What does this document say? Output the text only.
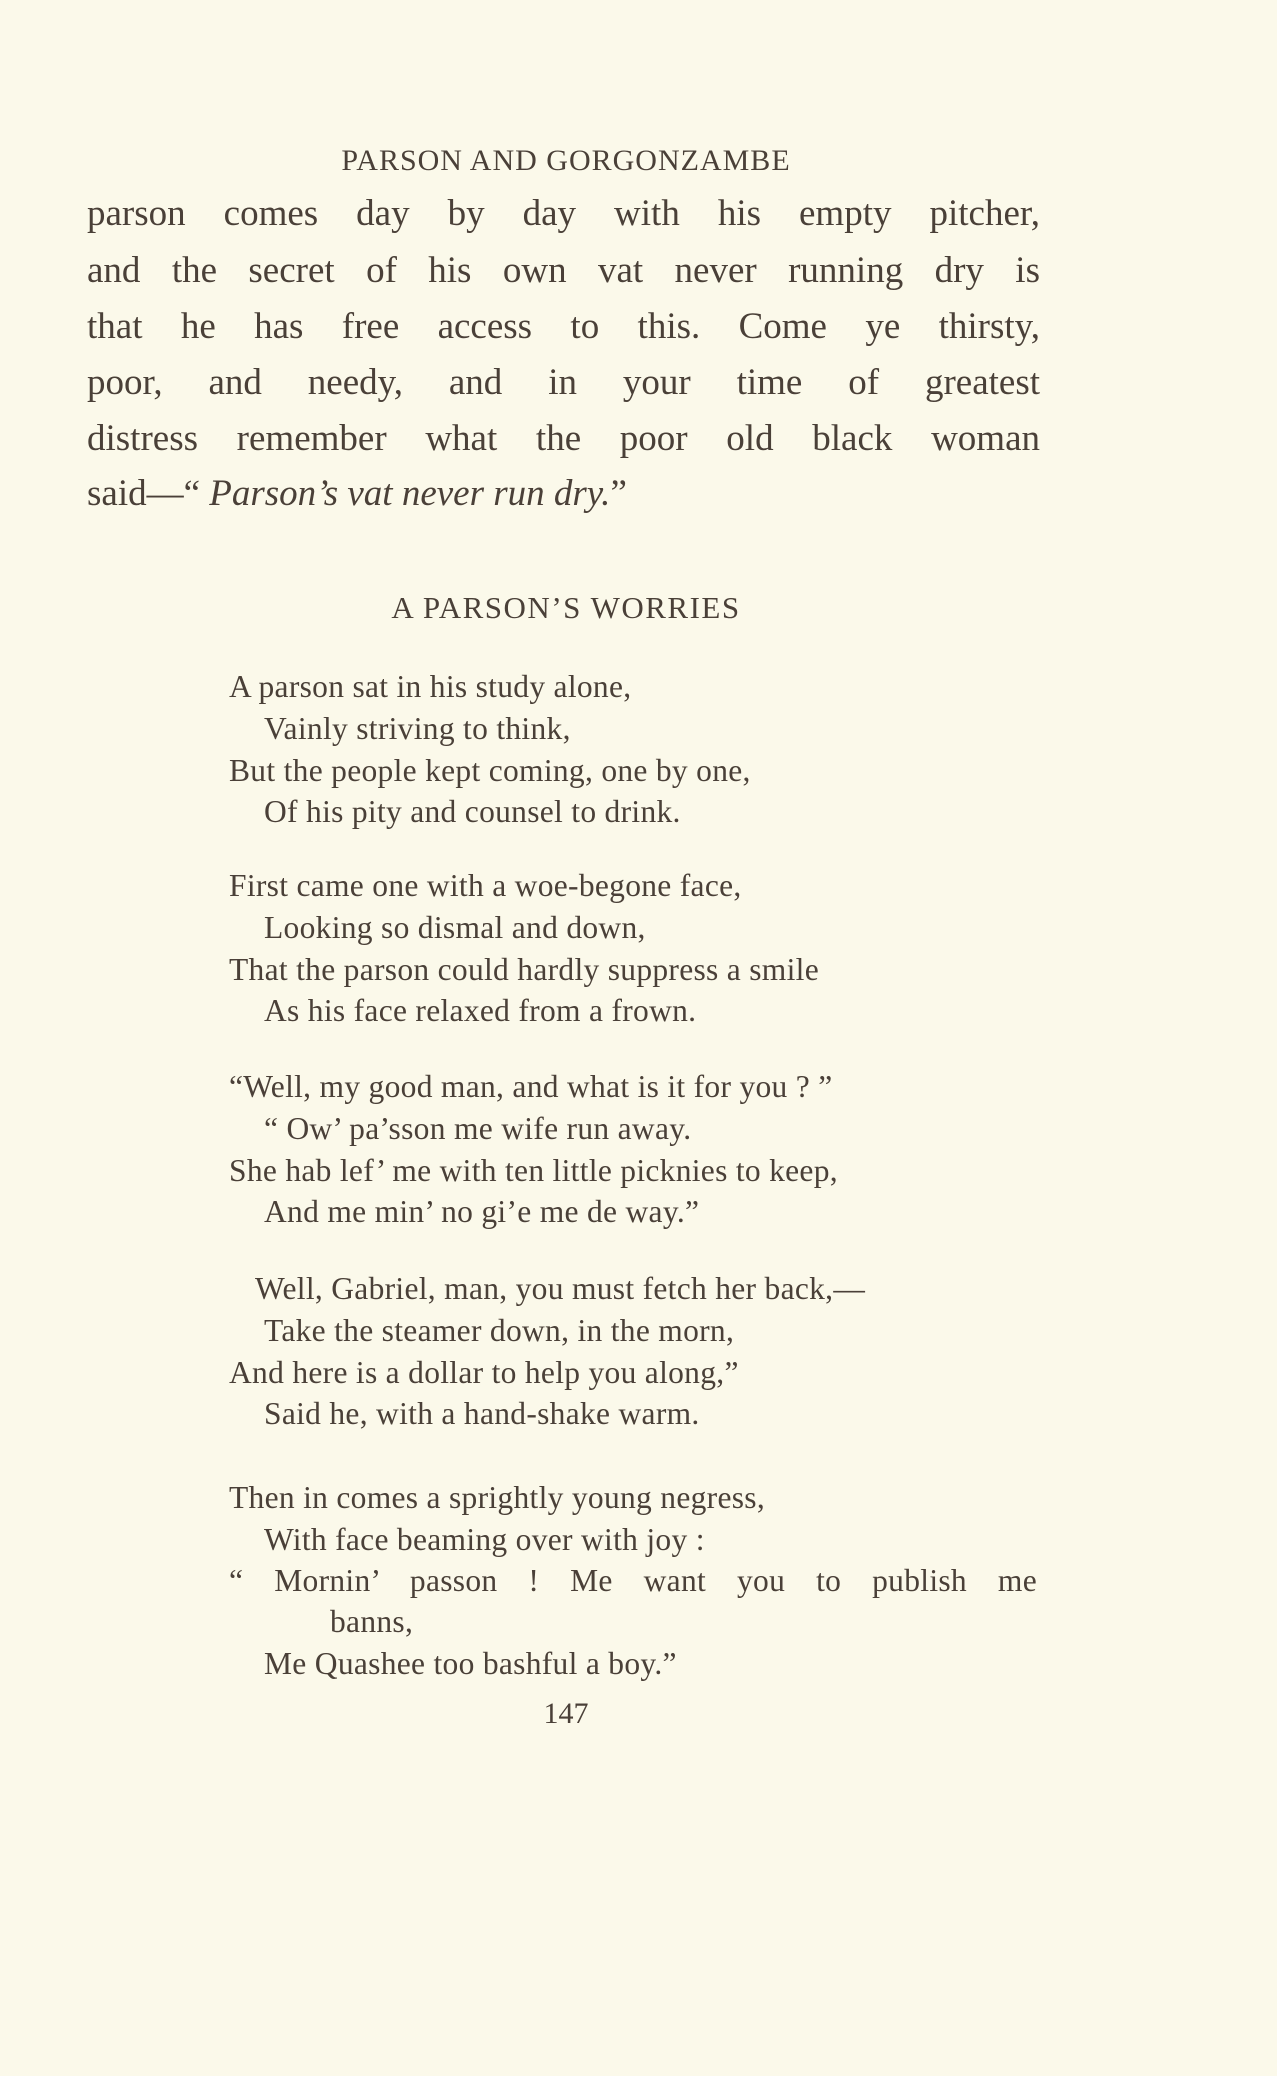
PARSON AND GORGONZAMBE
parson comes day by day with his empty pitcher,
and the secret of his own vat never running dry is
that he has free access to this. Come ye thirsty,
poor, and needy, and in your time of greatest
distress remember what the poor old black woman
said—“ Parson’s vat never run dry.”
A PARSON’S WORRIES
A parson sat in his study alone,
Vainly striving to think,
But the people kept coming, one by one,
Of his pity and counsel to drink.
First came one with a woe-begone face,
Looking so dismal and down,
That the parson could hardly suppress a smile
As his face relaxed from a frown.
“Well, my good man, and what is it for you ? ”
“ Ow’ pa’sson me wife run away.
She hab lef’ me with ten little picknies to keep,
And me min’ no gi’e me de way.”
Well, Gabriel, man, you must fetch her back,—
Take the steamer down, in the morn,
And here is a dollar to help you along,”
Said he, with a hand-shake warm.
Then in comes a sprightly young negress,
With face beaming over with joy :
“ Mornin’ passon ! Me want you to publish me
banns,
Me Quashee too bashful a boy.”
147
